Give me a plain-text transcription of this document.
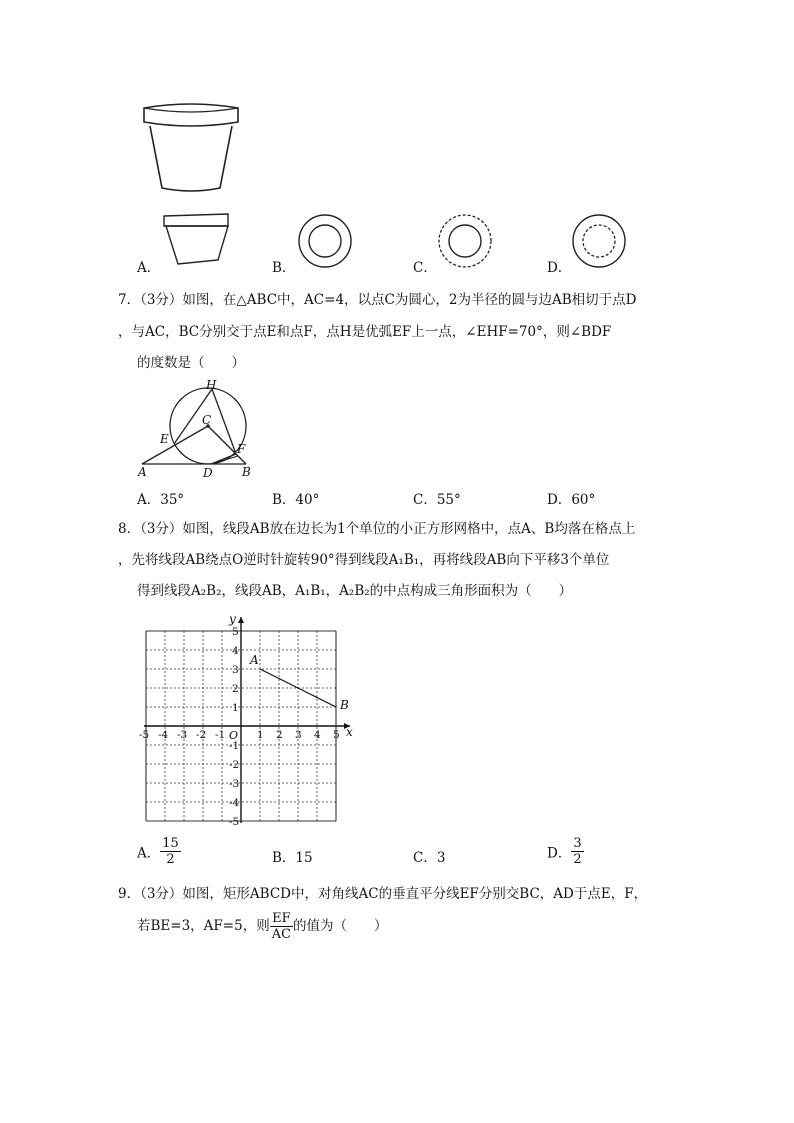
A．	B．	C．	D．
7．（3分）如图，在△ABC中，AC=4，以点C为圆心，2为半径的圆与边AB相切于点D
，与AC，BC分别交于点E和点F，点H是优弧EF上一点，∠EHF=70°，则∠BDF
的度数是（　　）
H
C
E
F
A	D B
A．35°	B．40°	C．55°	D．60°
8．（3分）如图，线段AB放在边长为1个单位的小正方形网格中，点A、B均落在格点上
，先将线段AB绕点O逆时针旋转90°得到线段A₁B₁，再将线段AB向下平移3个单位
得到线段A₂B₂，线段AB，A₁B₁，A₂B₂的中点构成三角形面积为（　　）
-5 -4 -3 -2 -1	1 2 3 4 5
5
4
3
2
1
-1
-2
-3
-4
-5
O	x
y
A
B
A． $\frac{15}{2}$	B．15	C．3	D． $\frac{3}{2}$
9．（3分）如图，矩形ABCD中，对角线AC的垂直平分线EF分别交BC，AD于点E，F，
若BE=3，AF=5，则 $\frac{EF}{AC}$ 的值为（　　）
